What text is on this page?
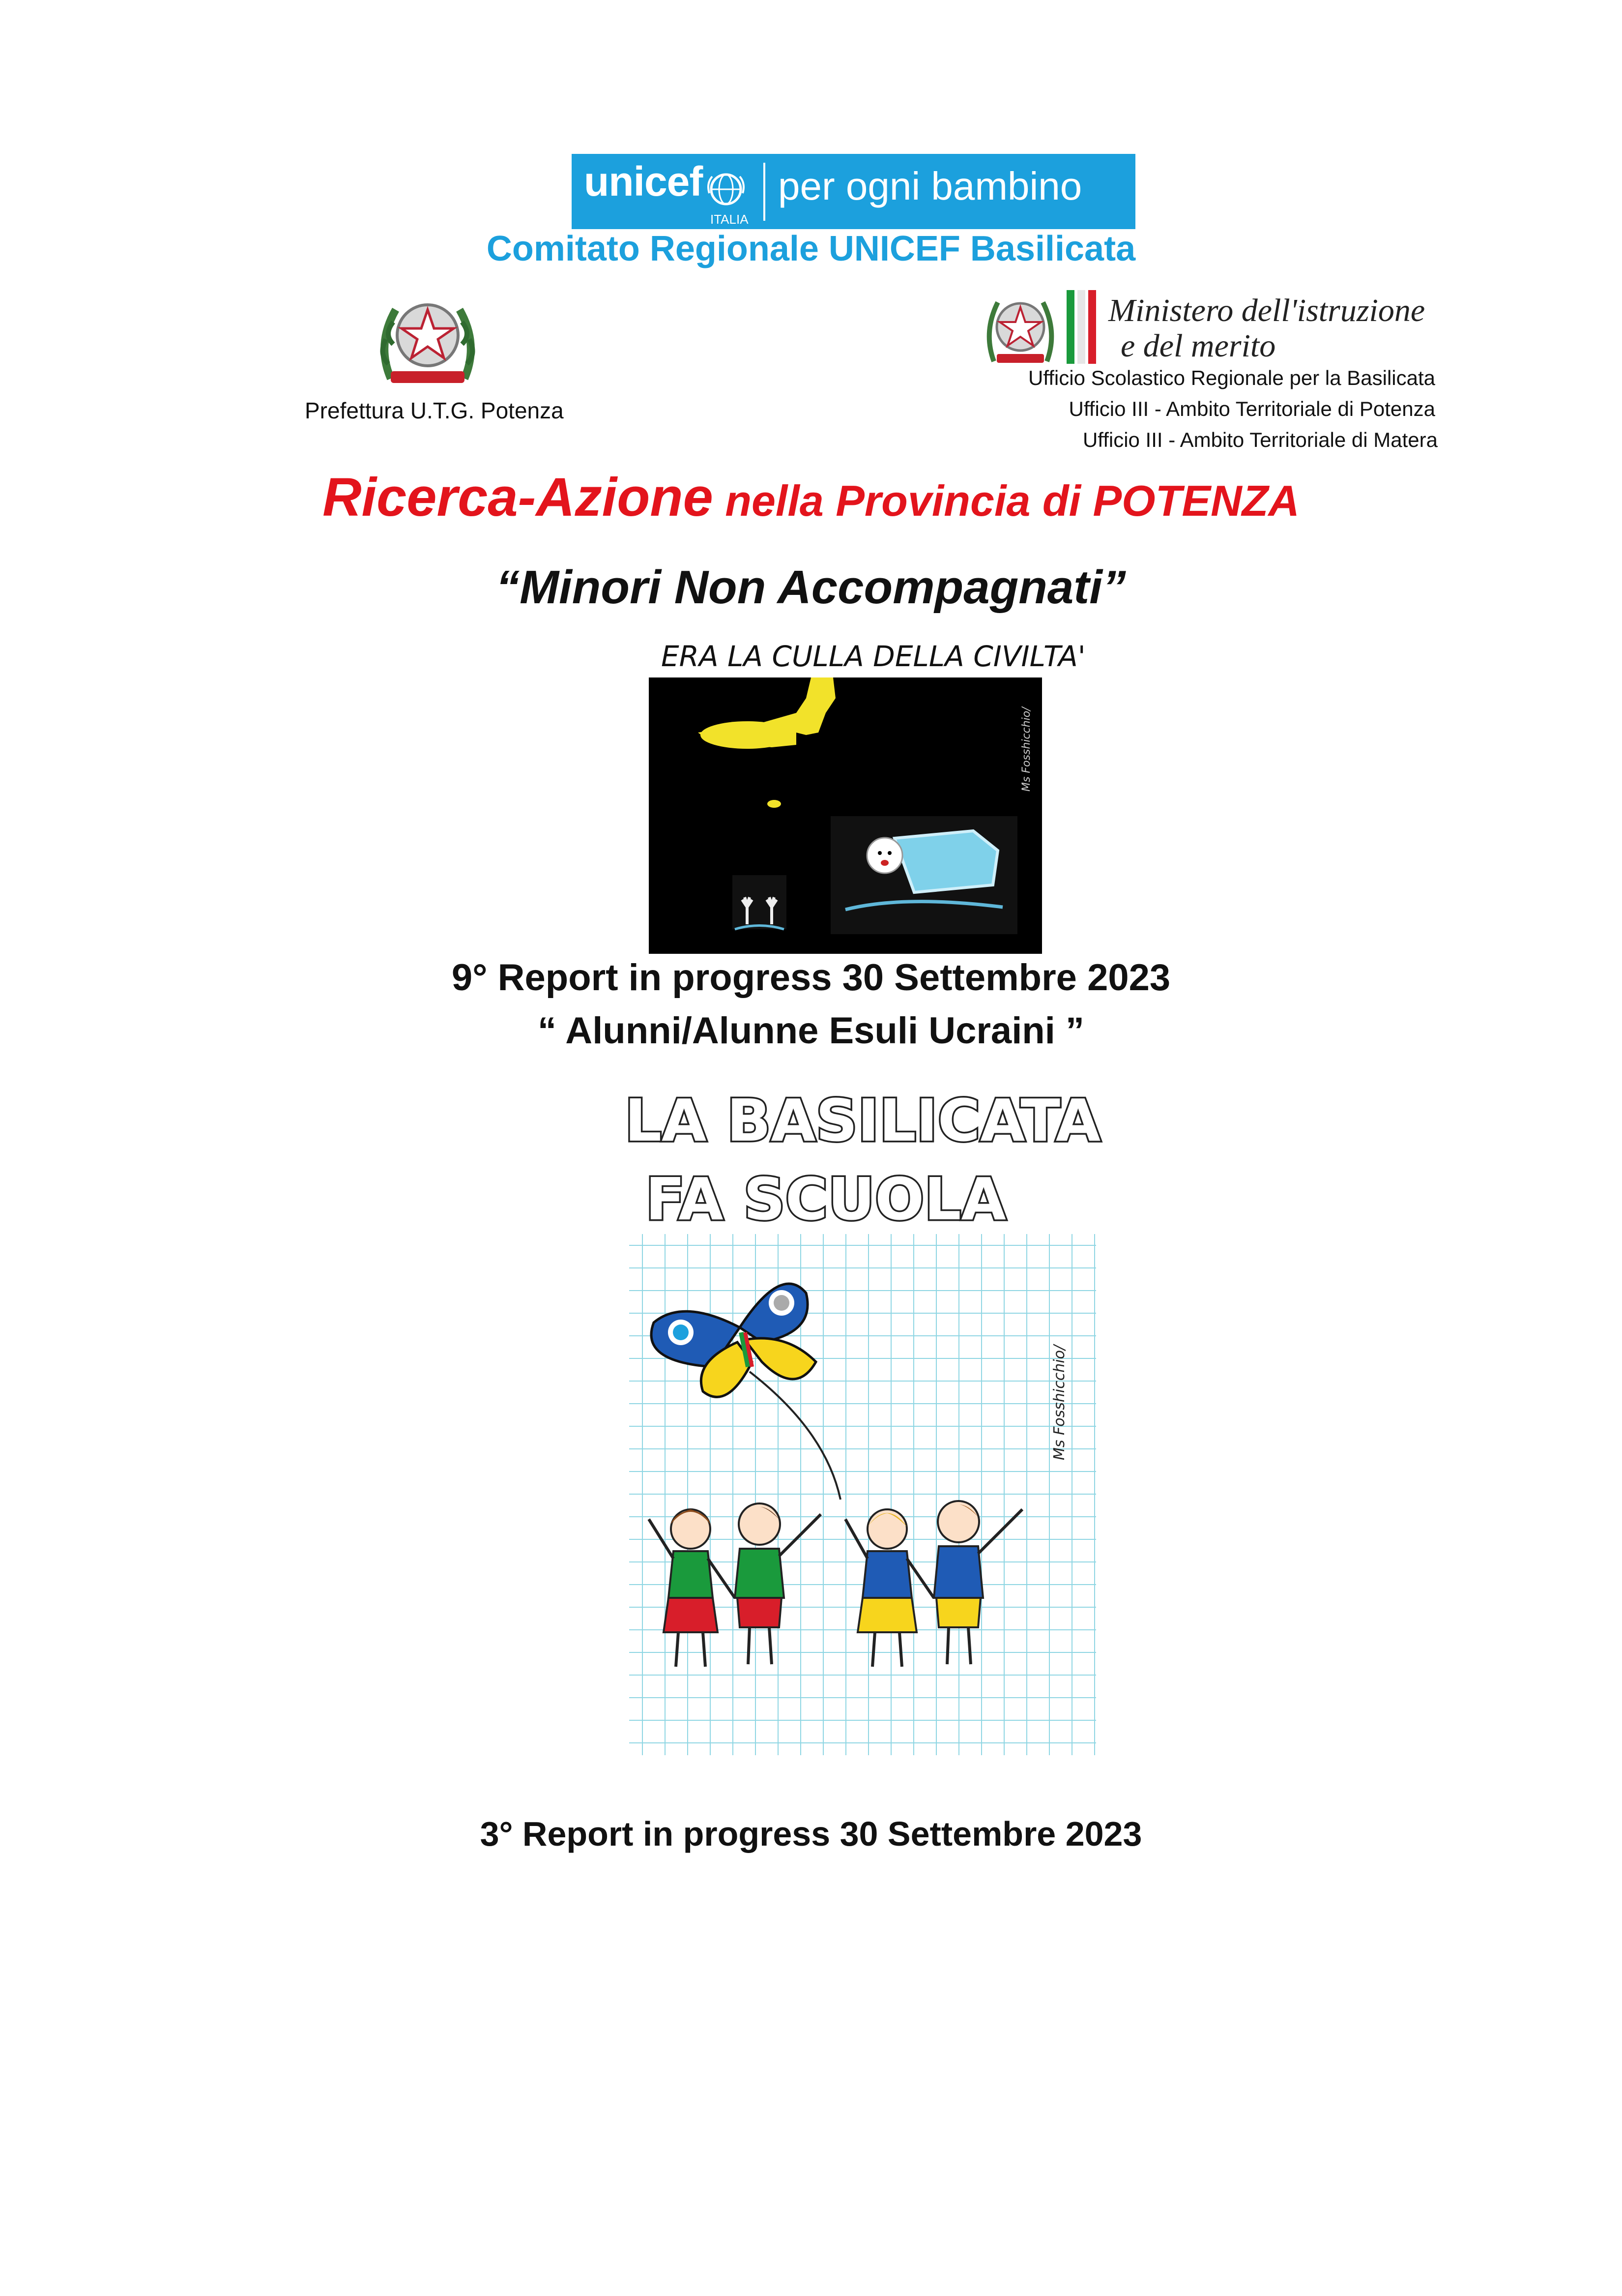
unicef
ITALIA
per ogni bambino
Comitato Regionale UNICEF Basilicata
Prefettura U.T.G. Potenza
Ministero dell'istruzione
e del merito
Ufficio Scolastico Regionale per la Basilicata
Ufficio III - Ambito Territoriale di Potenza
Ufficio III - Ambito Territoriale di Matera
Ricerca-Azione nella Provincia di POTENZA
“Minori Non Accompagnati”
ERA LA CULLA DELLA CIVILTA'
Ms Fosshicchio/
9° Report in progress 30 Settembre 2023
“ Alunni/Alunne Esuli Ucraini ”
LA BASILICATA
FA SCUOLA
Ms Fosshicchio/
3° Report in progress 30 Settembre 2023
